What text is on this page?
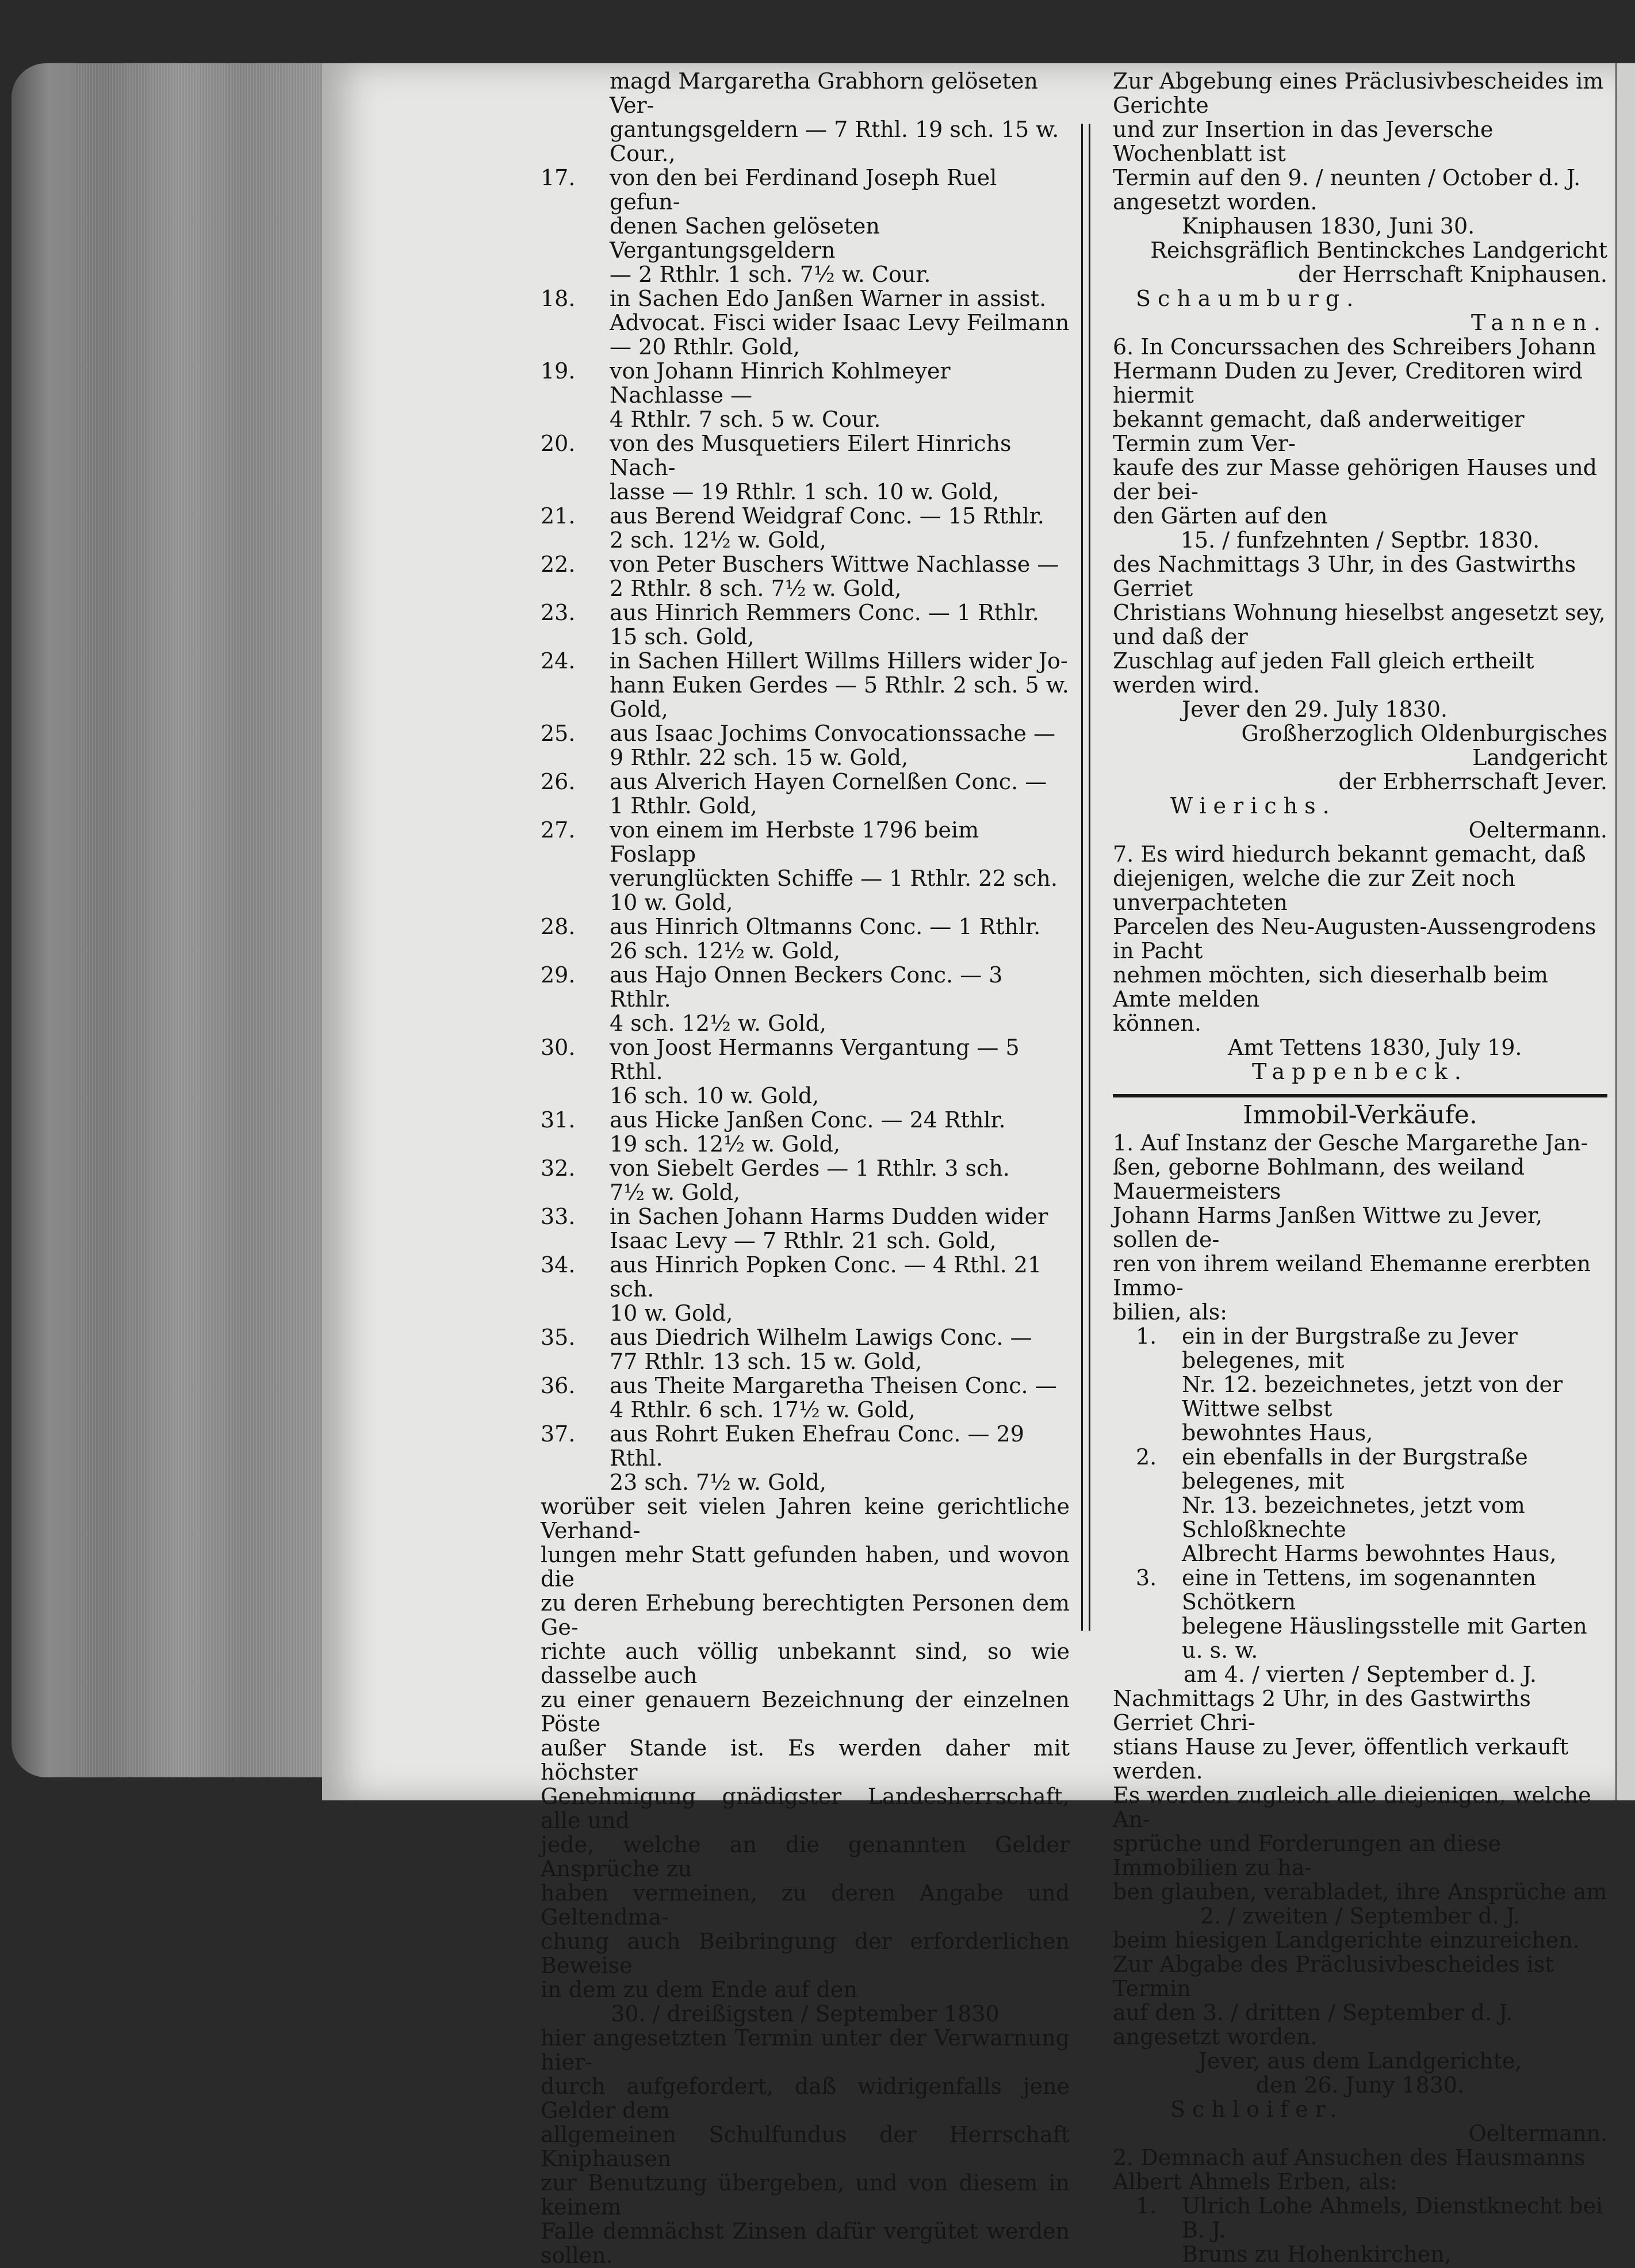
magd Margaretha Grabhorn gelöseten Ver-
gantungsgeldern — 7 Rthl. 19 sch. 15 w. Cour.,
17.	von den bei Ferdinand Joseph Ruel gefun-
denen Sachen gelöseten Vergantungsgeldern
— 2 Rthlr. 1 sch. 7½ w. Cour.
18.	in Sachen Edo Janßen Warner in assist.
Advocat. Fisci wider Isaac Levy Feilmann
— 20 Rthlr. Gold,
19.	von Johann Hinrich Kohlmeyer Nachlasse —
4 Rthlr. 7 sch. 5 w. Cour.
20.	von des Musquetiers Eilert Hinrichs Nach-
lasse — 19 Rthlr. 1 sch. 10 w. Gold,
21.	aus Berend Weidgraf Conc. — 15 Rthlr.
2 sch. 12½ w. Gold,
22.	von Peter Buschers Wittwe Nachlasse —
2 Rthlr. 8 sch. 7½ w. Gold,
23.	aus Hinrich Remmers Conc. — 1 Rthlr.
15 sch. Gold,
24.	in Sachen Hillert Willms Hillers wider Jo-
hann Euken Gerdes — 5 Rthlr. 2 sch. 5 w. Gold,
25.	aus Isaac Jochims Convocationssache —
9 Rthlr. 22 sch. 15 w. Gold,
26.	aus Alverich Hayen Cornelßen Conc. —
1 Rthlr. Gold,
27.	von einem im Herbste 1796 beim Foslapp
verunglückten Schiffe — 1 Rthlr. 22 sch.
10 w. Gold,
28.	aus Hinrich Oltmanns Conc. — 1 Rthlr.
26 sch. 12½ w. Gold,
29.	aus Hajo Onnen Beckers Conc. — 3 Rthlr.
4 sch. 12½ w. Gold,
30.	von Joost Hermanns Vergantung — 5 Rthl.
16 sch. 10 w. Gold,
31.	aus Hicke Janßen Conc. — 24 Rthlr.
19 sch. 12½ w. Gold,
32.	von Siebelt Gerdes — 1 Rthlr. 3 sch.
7½ w. Gold,
33.	in Sachen Johann Harms Dudden wider
Isaac Levy — 7 Rthlr. 21 sch. Gold,
34.	aus Hinrich Popken Conc. — 4 Rthl. 21 sch.
10 w. Gold,
35.	aus Diedrich Wilhelm Lawigs Conc. —
77 Rthlr. 13 sch. 15 w. Gold,
36.	aus Theite Margaretha Theisen Conc. —
4 Rthlr. 6 sch. 17½ w. Gold,
37.	aus Rohrt Euken Ehefrau Conc. — 29 Rthl.
23 sch. 7½ w. Gold,
worüber seit vielen Jahren keine gerichtliche Verhand-
lungen mehr Statt gefunden haben, und wovon die
zu deren Erhebung berechtigten Personen dem Ge-
richte auch völlig unbekannt sind, so wie dasselbe auch
zu einer genauern Bezeichnung der einzelnen Pöste
außer Stande ist. Es werden daher mit höchster
Genehmigung gnädigster Landesherrschaft, alle und
jede, welche an die genannten Gelder Ansprüche zu
haben vermeinen, zu deren Angabe und Geltendma-
chung auch Beibringung der erforderlichen Beweise
in dem zu dem Ende auf den
30. / dreißigsten / September 1830
hier angesetzten Termin unter der Verwarnung hier-
durch aufgefordert, daß widrigenfalls jene Gelder dem
allgemeinen Schulfundus der Herrschaft Kniphausen
zur Benutzung übergeben, und von diesem in keinem
Falle demnächst Zinsen dafür vergütet werden sollen.
Zur Abgebung eines Präclusivbescheides im Gerichte
und zur Insertion in das Jeversche Wochenblatt ist
Termin auf den 9. / neunten / October d. J.
angesetzt worden.
Kniphausen 1830, Juni 30.
Reichsgräflich Bentinckches Landgericht
der Herrschaft Kniphausen.
Schaumburg.
Tannen.
6. In Concurssachen des Schreibers Johann
Hermann Duden zu Jever, Creditoren wird hiermit
bekannt gemacht, daß anderweitiger Termin zum Ver-
kaufe des zur Masse gehörigen Hauses und der bei-
den Gärten auf den
15. / funfzehnten / Septbr. 1830.
des Nachmittags 3 Uhr, in des Gastwirths Gerriet
Christians Wohnung hieselbst angesetzt sey, und daß der
Zuschlag auf jeden Fall gleich ertheilt werden wird.
Jever den 29. July 1830.
Großherzoglich Oldenburgisches Landgericht
der Erbherrschaft Jever.
Wierichs.
Oeltermann.
7. Es wird hiedurch bekannt gemacht, daß
diejenigen, welche die zur Zeit noch unverpachteten
Parcelen des Neu-Augusten-Aussengrodens in Pacht
nehmen möchten, sich dieserhalb beim Amte melden
können.
Amt Tettens 1830, July 19.
Tappenbeck.
Immobil-Verkäufe.
1. Auf Instanz der Gesche Margarethe Jan-
ßen, geborne Bohlmann, des weiland Mauermeisters
Johann Harms Janßen Wittwe zu Jever, sollen de-
ren von ihrem weiland Ehemanne ererbten Immo-
bilien, als:
1. ein in der Burgstraße zu Jever belegenes, mit
Nr. 12. bezeichnetes, jetzt von der Wittwe selbst
bewohntes Haus,
2. ein ebenfalls in der Burgstraße belegenes, mit
Nr. 13. bezeichnetes, jetzt vom Schloßknechte
Albrecht Harms bewohntes Haus,
3. eine in Tettens, im sogenannten Schötkern
belegene Häuslingsstelle mit Garten u. s. w.
am 4. / vierten / September d. J.
Nachmittags 2 Uhr, in des Gastwirths Gerriet Chri-
stians Hause zu Jever, öffentlich verkauft werden.
Es werden zugleich alle diejenigen, welche An-
sprüche und Forderungen an diese Immobilien zu ha-
ben glauben, verabladet, ihre Ansprüche am
2. / zweiten / September d. J.
beim hiesigen Landgerichte einzureichen.
Zur Abgabe des Präclusivbescheides ist Termin
auf den 3. / dritten / September d. J.
angesetzt worden.
Jever, aus dem Landgerichte,
den 26. Juny 1830.
Schloifer.
Oeltermann.
2. Demnach auf Ansuchen des Hausmanns
Albert Ahmels Erben, als:
1. Ulrich Lohe Ahmels, Dienstknecht bei B. J.
Bruns zu Hohenkirchen,
